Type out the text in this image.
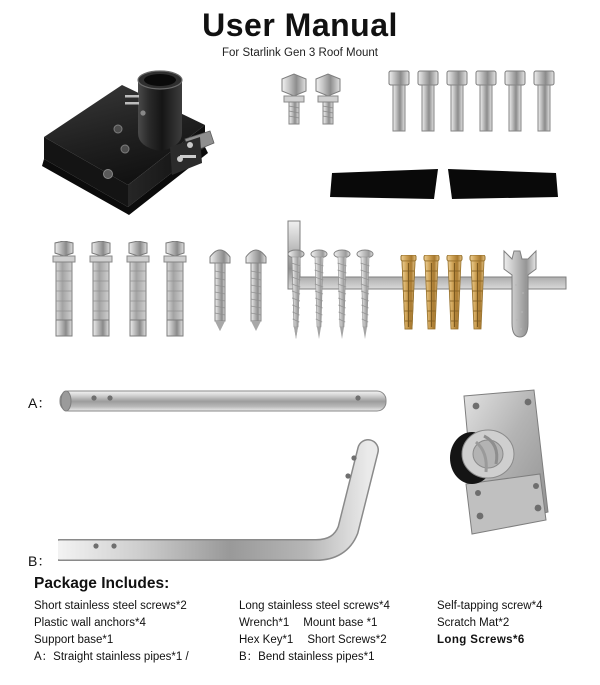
User Manual
For Starlink Gen 3 Roof Mount
A：
B：
Package Includes:
Short stainless steel screws*2	Long stainless steel screws*4	Self-tapping screw*4
Plastic wall anchors*4	Wrench*1 Mount base *1	Scratch Mat*2
Support base*1	Hex Key*1 Short Screws*2	Long Screws*6
A：Straight stainless pipes*1 /	B：Bend stainless pipes*1
